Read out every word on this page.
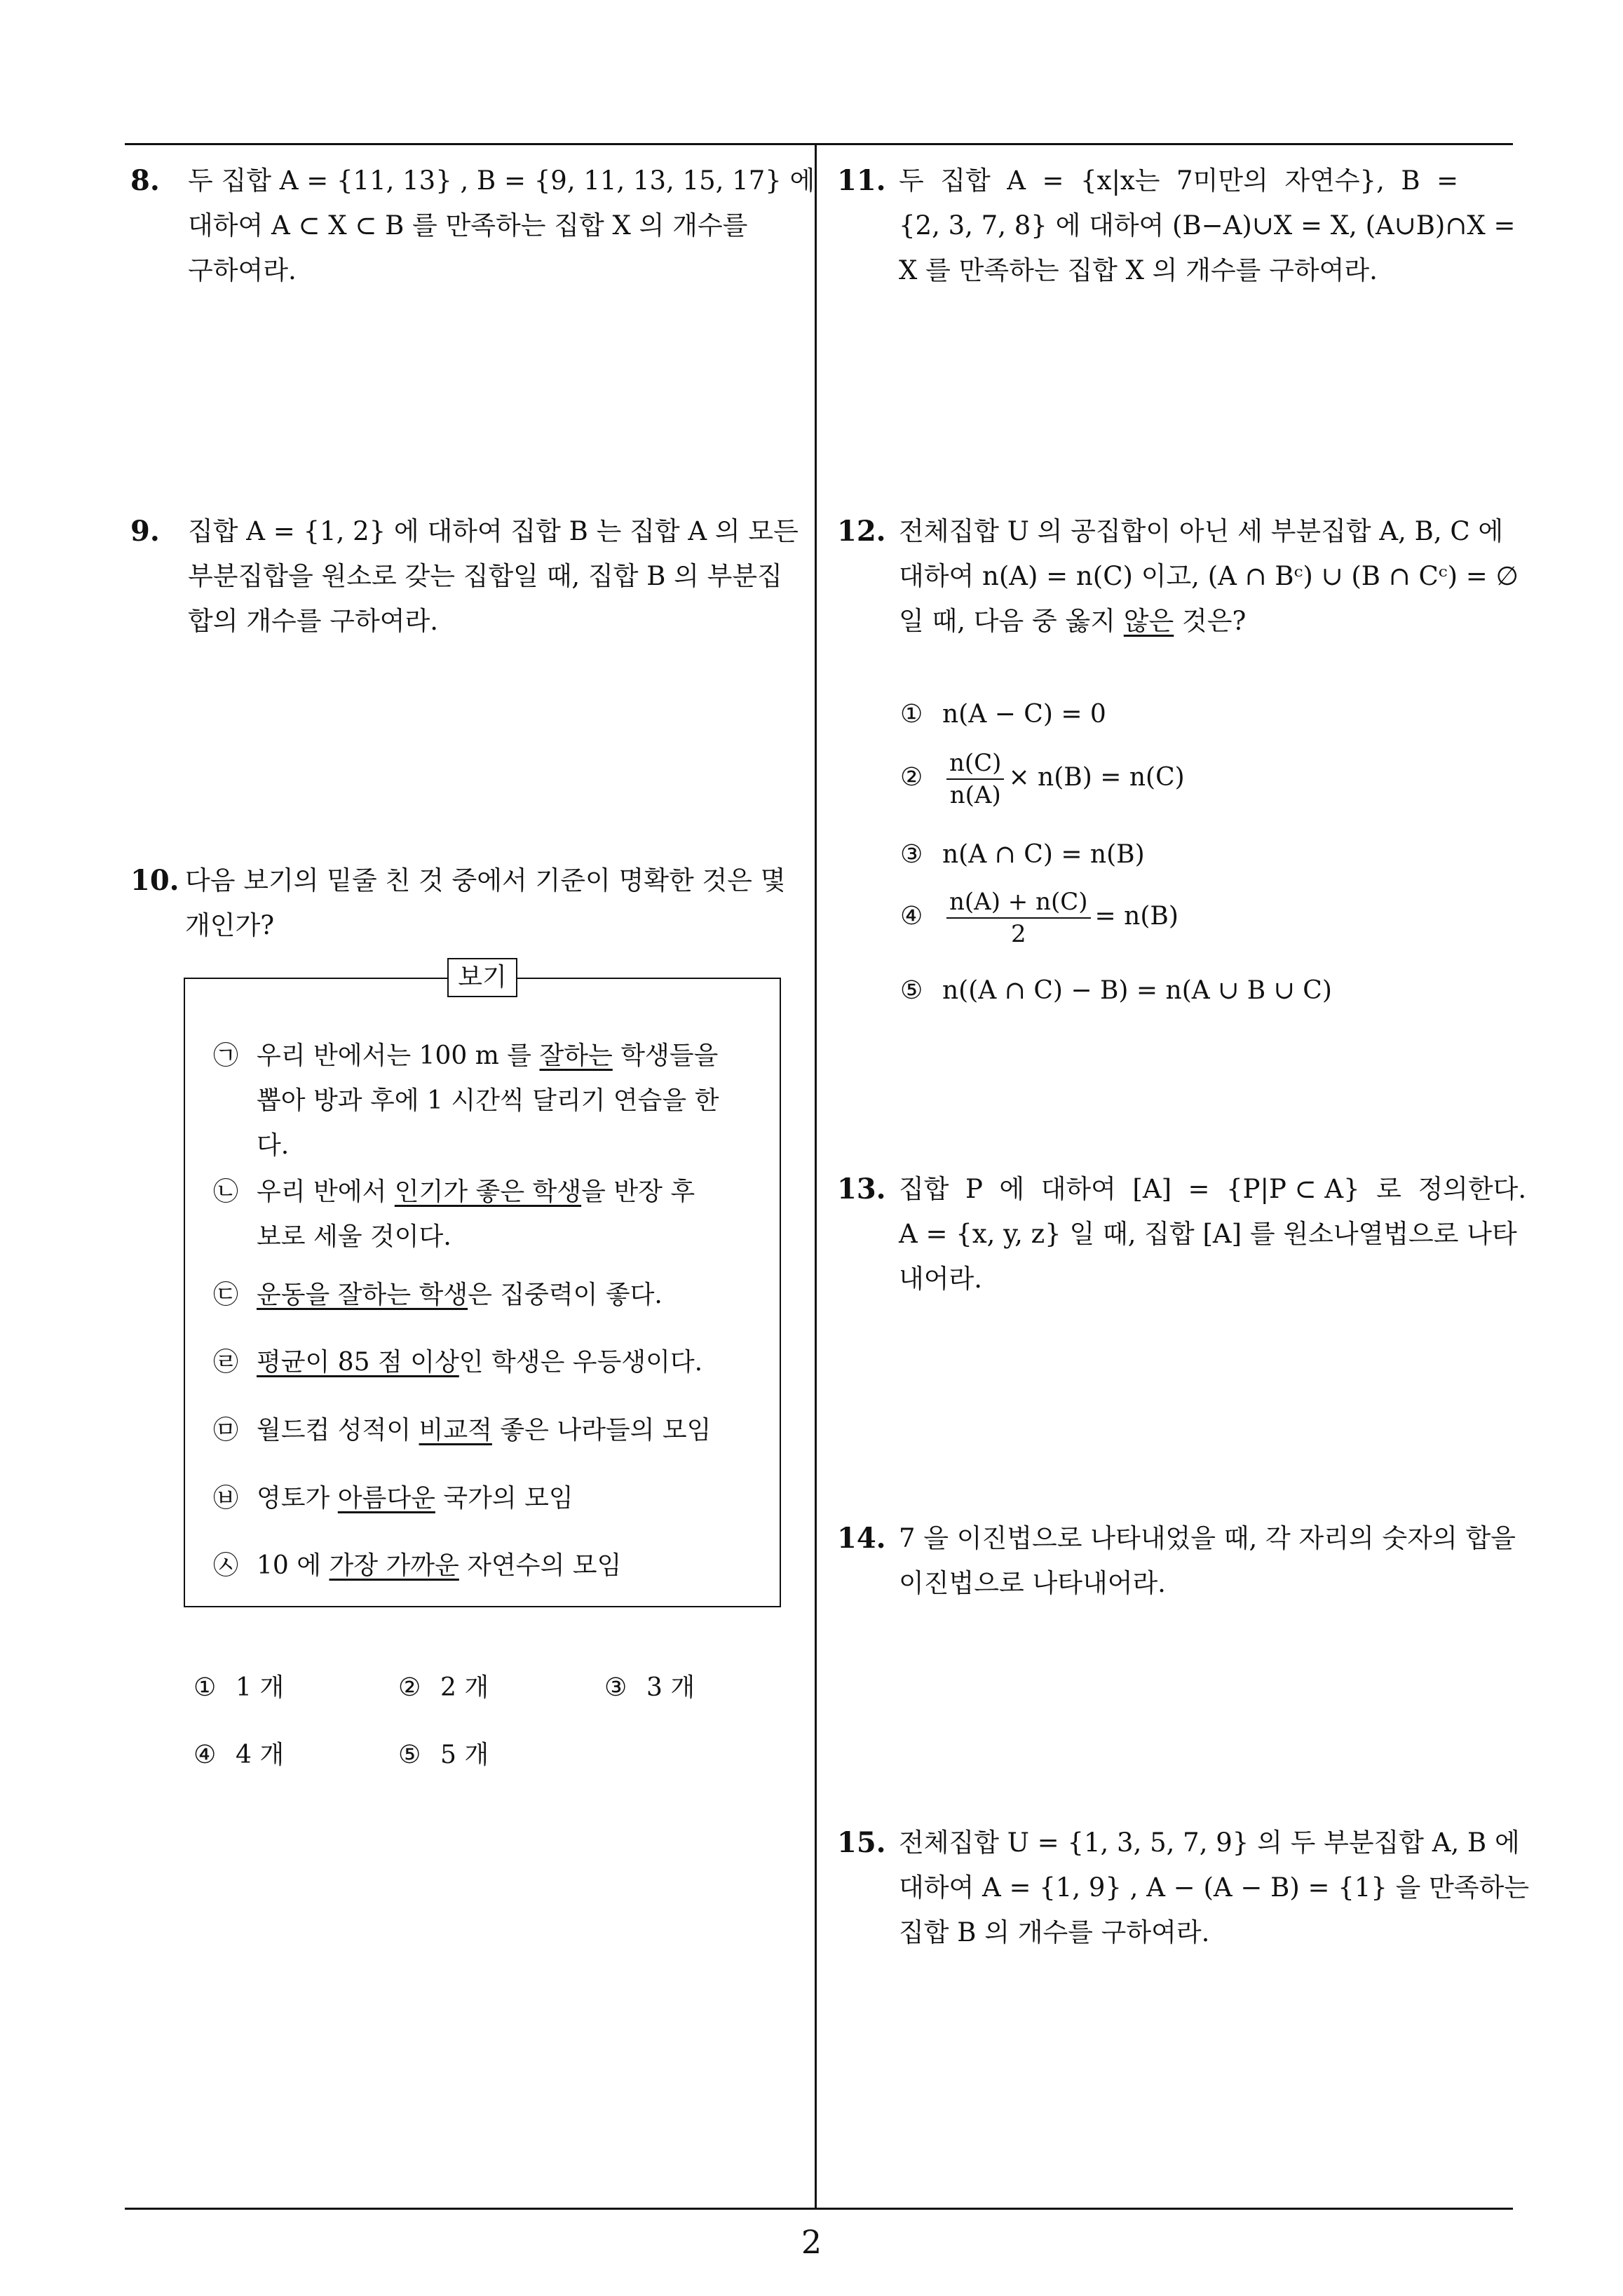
8. 두 집합 A = {11, 13} , B = {9, 11, 13, 15, 17} 에
대하여 A ⊂ X ⊂ B 를 만족하는 집합 X 의 개수를
구하여라.
9. 집합 A = {1, 2} 에 대하여 집합 B 는 집합 A 의 모든
부분집합을 원소로 갖는 집합일 때, 집합 B 의 부분집
합의 개수를 구하여라.
10. 다음 보기의 밑줄 친 것 중에서 기준이 명확한 것은 몇
개인가?
보기
㉠ 우리 반에서는 100 m 를 잘하는 학생들을
뽑아 방과 후에 1 시간씩 달리기 연습을 한
다.
㉡ 우리 반에서 인기가 좋은 학생을 반장 후
보로 세울 것이다.
㉢ 운동을 잘하는 학생은 집중력이 좋다.
㉣ 평균이 85 점 이상인 학생은 우등생이다.
㉤ 월드컵 성적이 비교적 좋은 나라들의 모임
㉥ 영토가 아름다운 국가의 모임
㉦ 10 에 가장 가까운 자연수의 모임
① 1 개	② 2 개	③ 3 개
④ 4 개	⑤ 5 개
11. 두  집합  A  =  {x|x는  7미만의  자연수},  B  =
{2, 3, 7, 8} 에 대하여 (B−A)∪X = X, (A∪B)∩X =
X 를 만족하는 집합 X 의 개수를 구하여라.
12. 전체집합 U 의 공집합이 아닌 세 부분집합 A, B, C 에
대하여 n(A) = n(C) 이고, (A ∩ Bᶜ) ∪ (B ∩ Cᶜ) = ∅
일 때, 다음 중 옳지 않은 것은?
① n(A − C) = 0
② $\frac{n(C)}{n(A)} \times n(B) = n(C)$
③ n(A ∩ C) = n(B)
④ $\frac{n(A) + n(C)}{2} = n(B)$
⑤ n((A ∩ C) − B) = n(A ∪ B ∪ C)
13. 집합  P  에  대하여  [A]  =  {P|P ⊂ A}  로  정의한다.
A = {x, y, z} 일 때, 집합 [A] 를 원소나열법으로 나타
내어라.
14. 7 을 이진법으로 나타내었을 때, 각 자리의 숫자의 합을
이진법으로 나타내어라.
15. 전체집합 U = {1, 3, 5, 7, 9} 의 두 부분집합 A, B 에
대하여 A = {1, 9} , A − (A − B) = {1} 을 만족하는
집합 B 의 개수를 구하여라.
2
